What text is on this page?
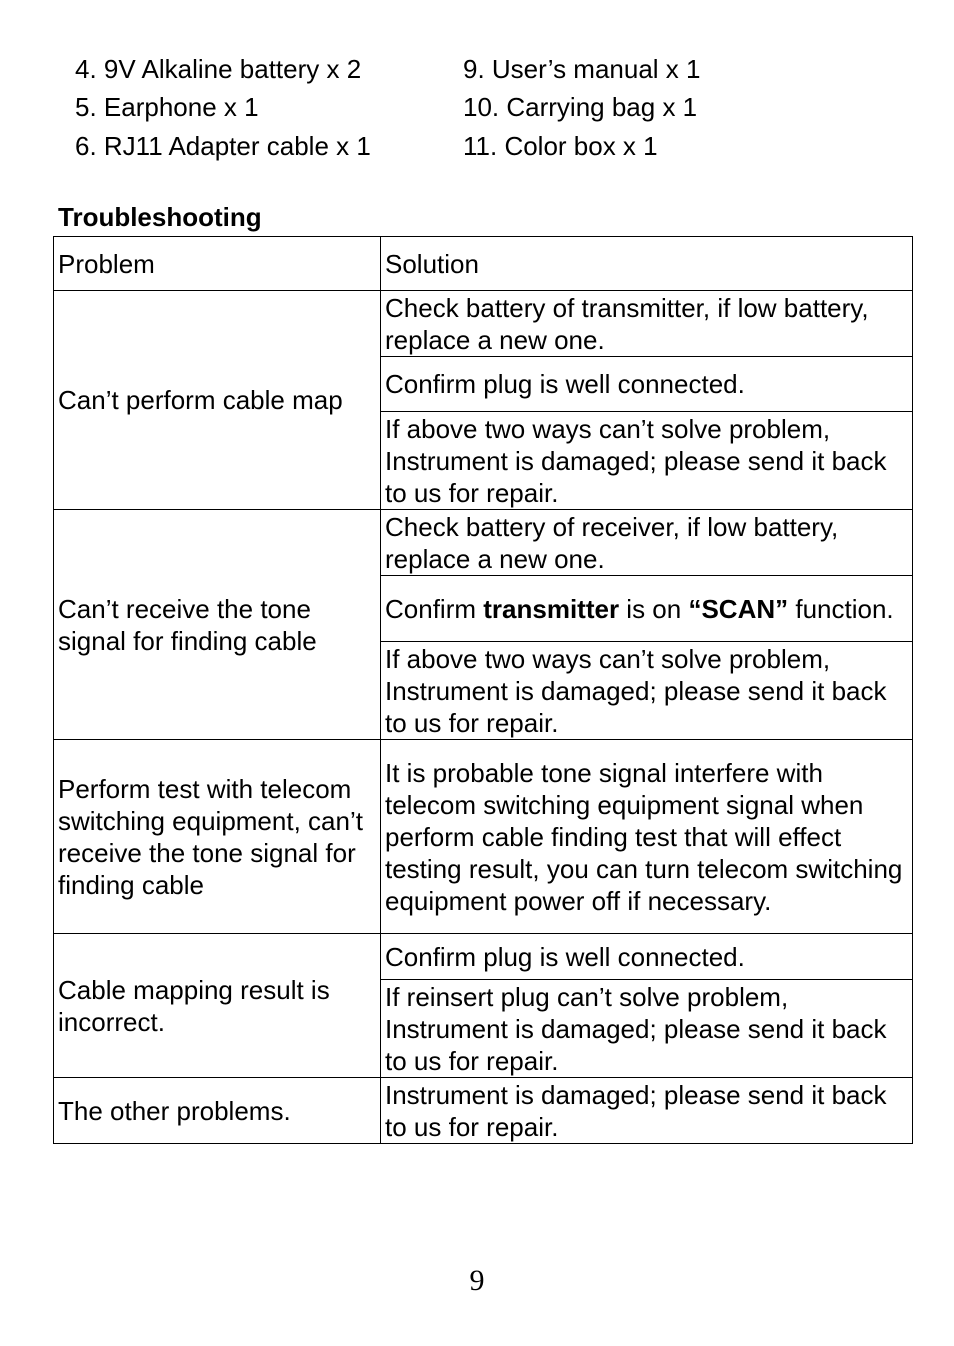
4. 9V Alkaline battery x 2
5. Earphone x 1
6. RJ11 Adapter cable x 1
9. User’s manual x 1
10. Carrying bag x 1
11. Color box x 1
Troubleshooting
Problem	Solution
Can’t perform cable map	Check battery of transmitter, if low battery, replace a new one.
	Confirm plug is well connected.
	If above two ways can’t solve problem, Instrument is damaged; please send it back to us for repair.
Can’t receive the tone signal for finding cable	Check battery of receiver, if low battery, replace a new one.
	Confirm transmitter is on “SCAN” function.
	If above two ways can’t solve problem, Instrument is damaged; please send it back to us for repair.
Perform test with telecom switching equipment, can’t receive the tone signal for finding cable	It is probable tone signal interfere with telecom switching equipment signal when perform cable finding test that will effect testing result, you can turn telecom switching equipment power off if necessary.
Cable mapping result is incorrect.	Confirm plug is well connected.
	If reinsert plug can’t solve problem, Instrument is damaged; please send it back to us for repair.
The other problems.	Instrument is damaged; please send it back to us for repair.
9
